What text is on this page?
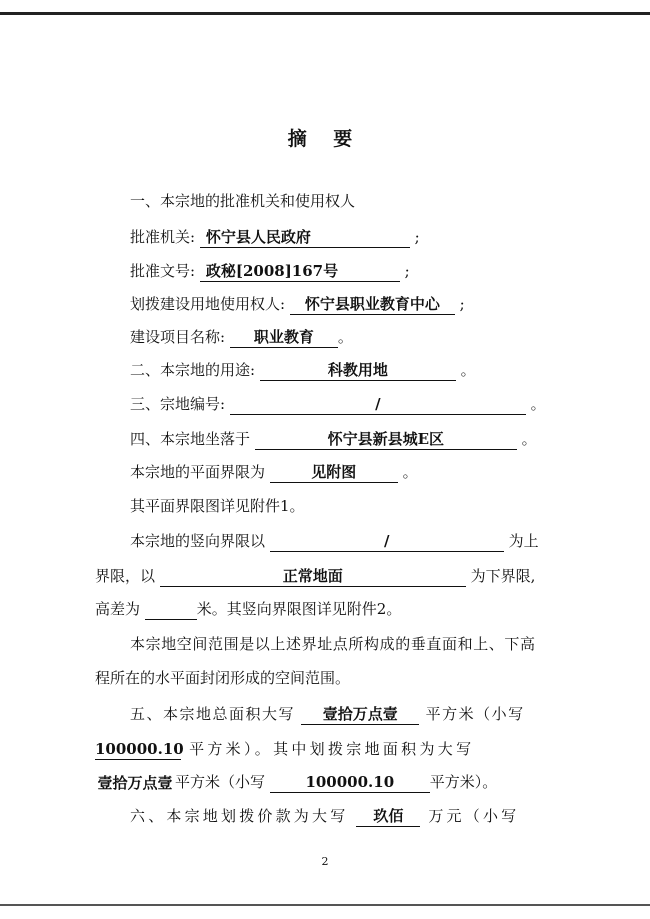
摘 要
一、本宗地的批准机关和使用权人
批准机关: 怀宁县人民政府	;
批准文号: 政秘[2008]167号	;
划拨建设用地使用权人: 怀宁县职业教育中心 ;
建设项目名称: 职业教育 。
二、本宗地的用途:	科教用地	。
三、宗地编号:	/	。
四、本宗地坐落于	怀宁县新县城E区	。
本宗地的平面界限为	见附图	。
其平面界限图详见附件1。
本宗地的竖向界限以	/	为上
界限，以	正常地面	为下界限,
高差为	米。其竖向界限图详见附件2。
本宗地空间范围是以上述界址点所构成的垂直面和上、下高
程所在的水平面封闭形成的空间范围。
五、本宗地总面积大写 壹拾万点壹 平方米（小写
100000.10 平方米）。其中划拨宗地面积为大写
壹拾万点壹 平方米（小写	100000.10 平方米）。
六、本宗地划拨价款为大写 玖佰 万元（小写
2
